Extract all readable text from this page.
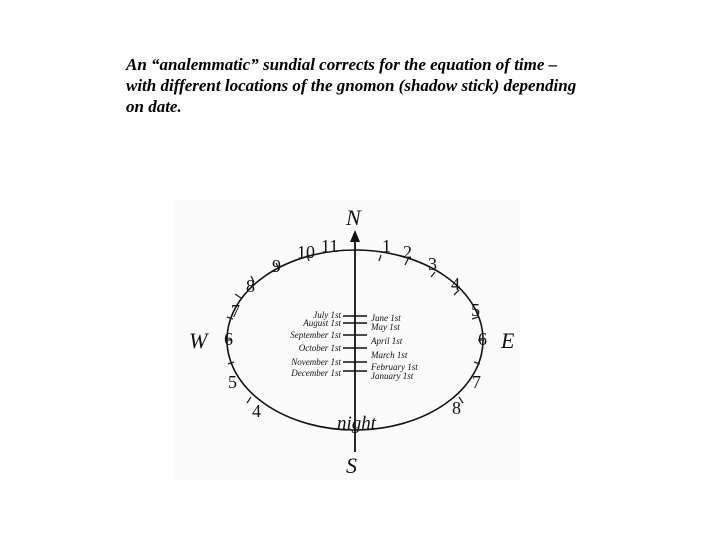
An “analemmatic” sundial corrects for the equation of time –
with different locations of the gnomon (shadow stick) depending
on date.
N
S
W	E
4
5
6
7
8
9
10 11 1 2
3
4
5
6
7
8
July 1st
August 1st
September 1st
October 1st
November 1st
December 1st
June 1st
May 1st
April 1st
March 1st
February 1st
January 1st
night
